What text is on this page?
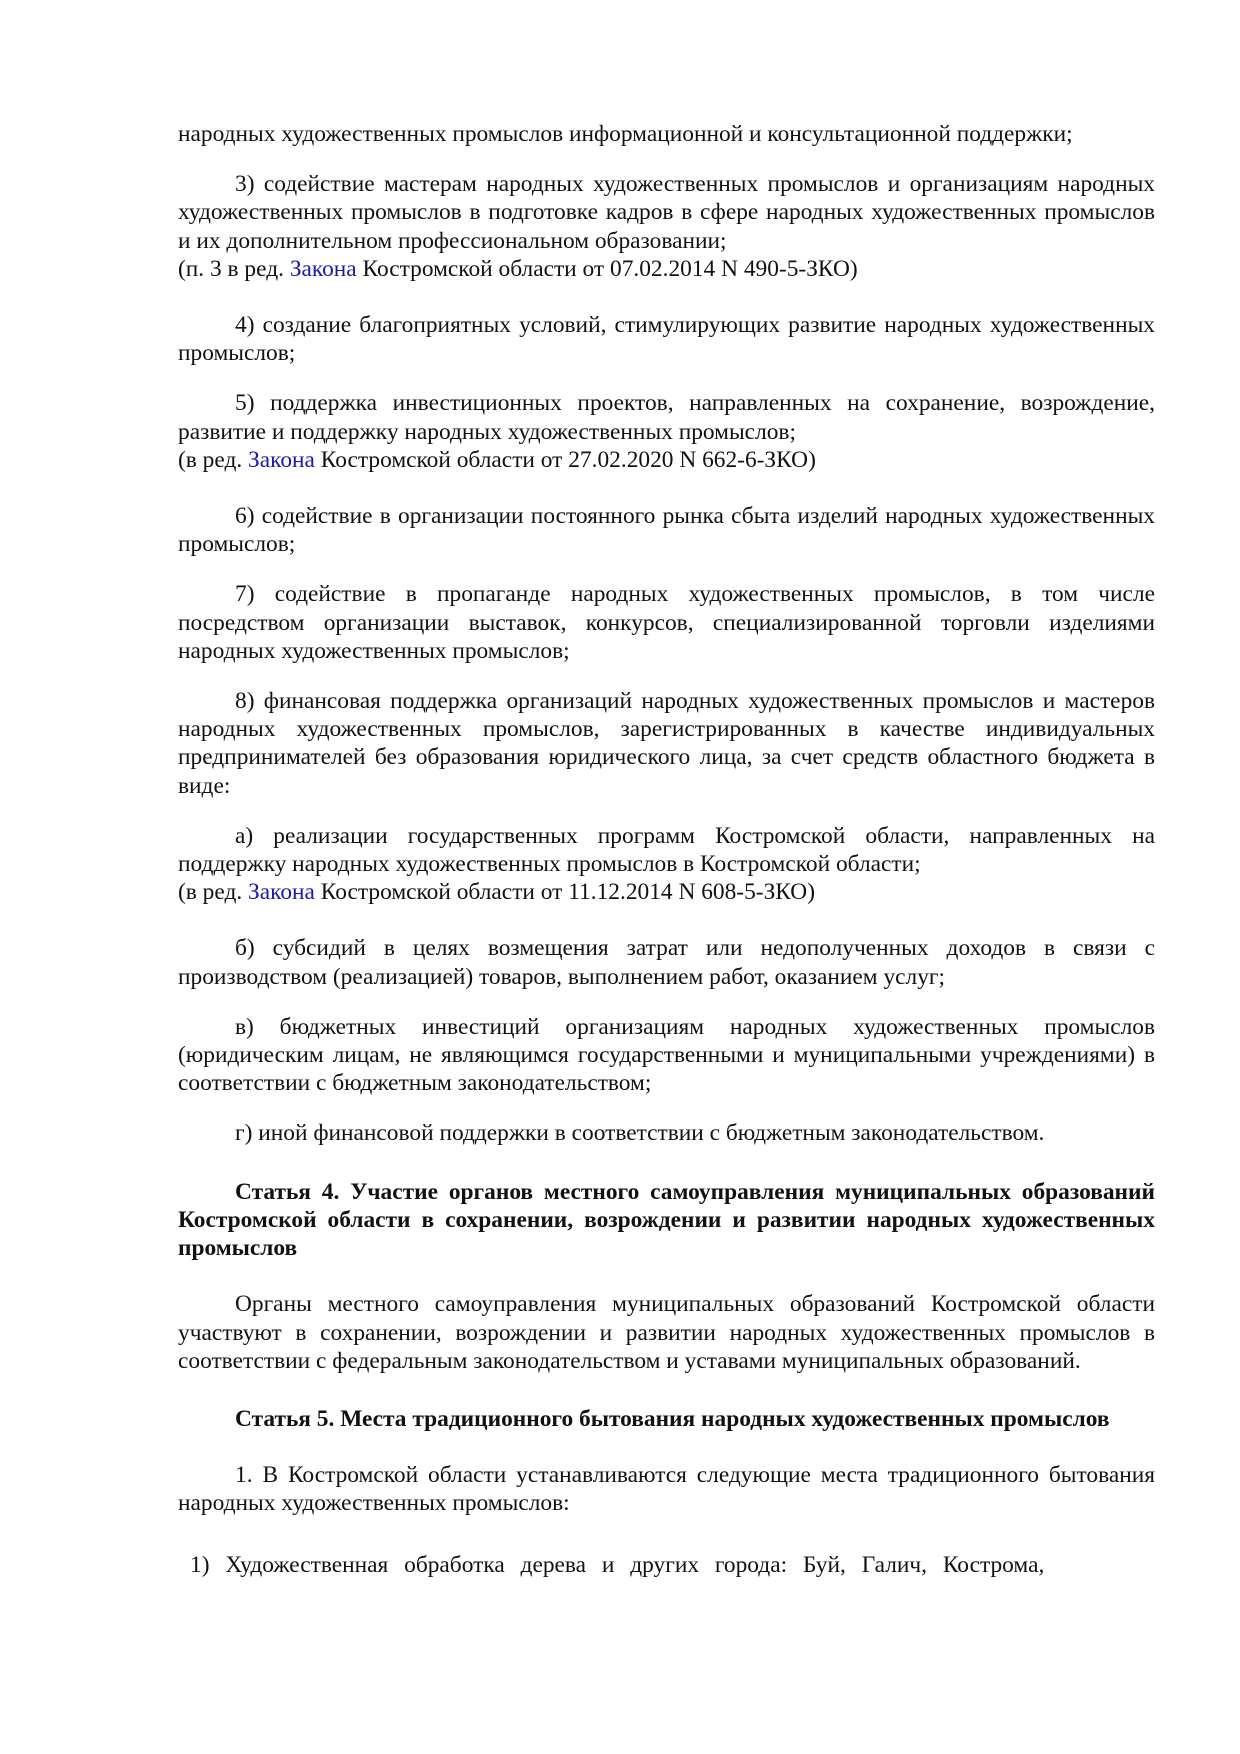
народных художественных промыслов информационной и консультационной поддержки;

3) содействие мастерам народных художественных промыслов и организациям народных художественных промыслов в подготовке кадров в сфере народных художественных промыслов и их дополнительном профессиональном образовании;

(п. 3 в ред. Закона Костромской области от 07.02.2014 N 490-5-ЗКО)

4) создание благоприятных условий, стимулирующих развитие народных художественных промыслов;

5) поддержка инвестиционных проектов, направленных на сохранение, возрождение, развитие и поддержку народных художественных промыслов;

(в ред. Закона Костромской области от 27.02.2020 N 662-6-ЗКО)

6) содействие в организации постоянного рынка сбыта изделий народных художественных промыслов;

7) содействие в пропаганде народных художественных промыслов, в том числе посредством организации выставок, конкурсов, специализированной торговли изделиями народных художественных промыслов;

8) финансовая поддержка организаций народных художественных промыслов и мастеров народных художественных промыслов, зарегистрированных в качестве индивидуальных предпринимателей без образования юридического лица, за счет средств областного бюджета в виде:

а) реализации государственных программ Костромской области, направленных на поддержку народных художественных промыслов в Костромской области;

(в ред. Закона Костромской области от 11.12.2014 N 608-5-ЗКО)

б) субсидий в целях возмещения затрат или недополученных доходов в связи с производством (реализацией) товаров, выполнением работ, оказанием услуг;

в) бюджетных инвестиций организациям народных художественных промыслов (юридическим лицам, не являющимся государственными и муниципальными учреждениями) в соответствии с бюджетным законодательством;

г) иной финансовой поддержки в соответствии с бюджетным законодательством.

Статья 4. Участие органов местного самоуправления муниципальных образований Костромской области в сохранении, возрождении и развитии народных художественных промыслов

Органы местного самоуправления муниципальных образований Костромской области участвуют в сохранении, возрождении и развитии народных художественных промыслов в соответствии с федеральным законодательством и уставами муниципальных образований.

Статья 5. Места традиционного бытования народных художественных промыслов

1. В Костромской области устанавливаются следующие места традиционного бытования народных художественных промыслов:

1) Художественная обработка дерева и других города: Буй, Галич, Кострома,
